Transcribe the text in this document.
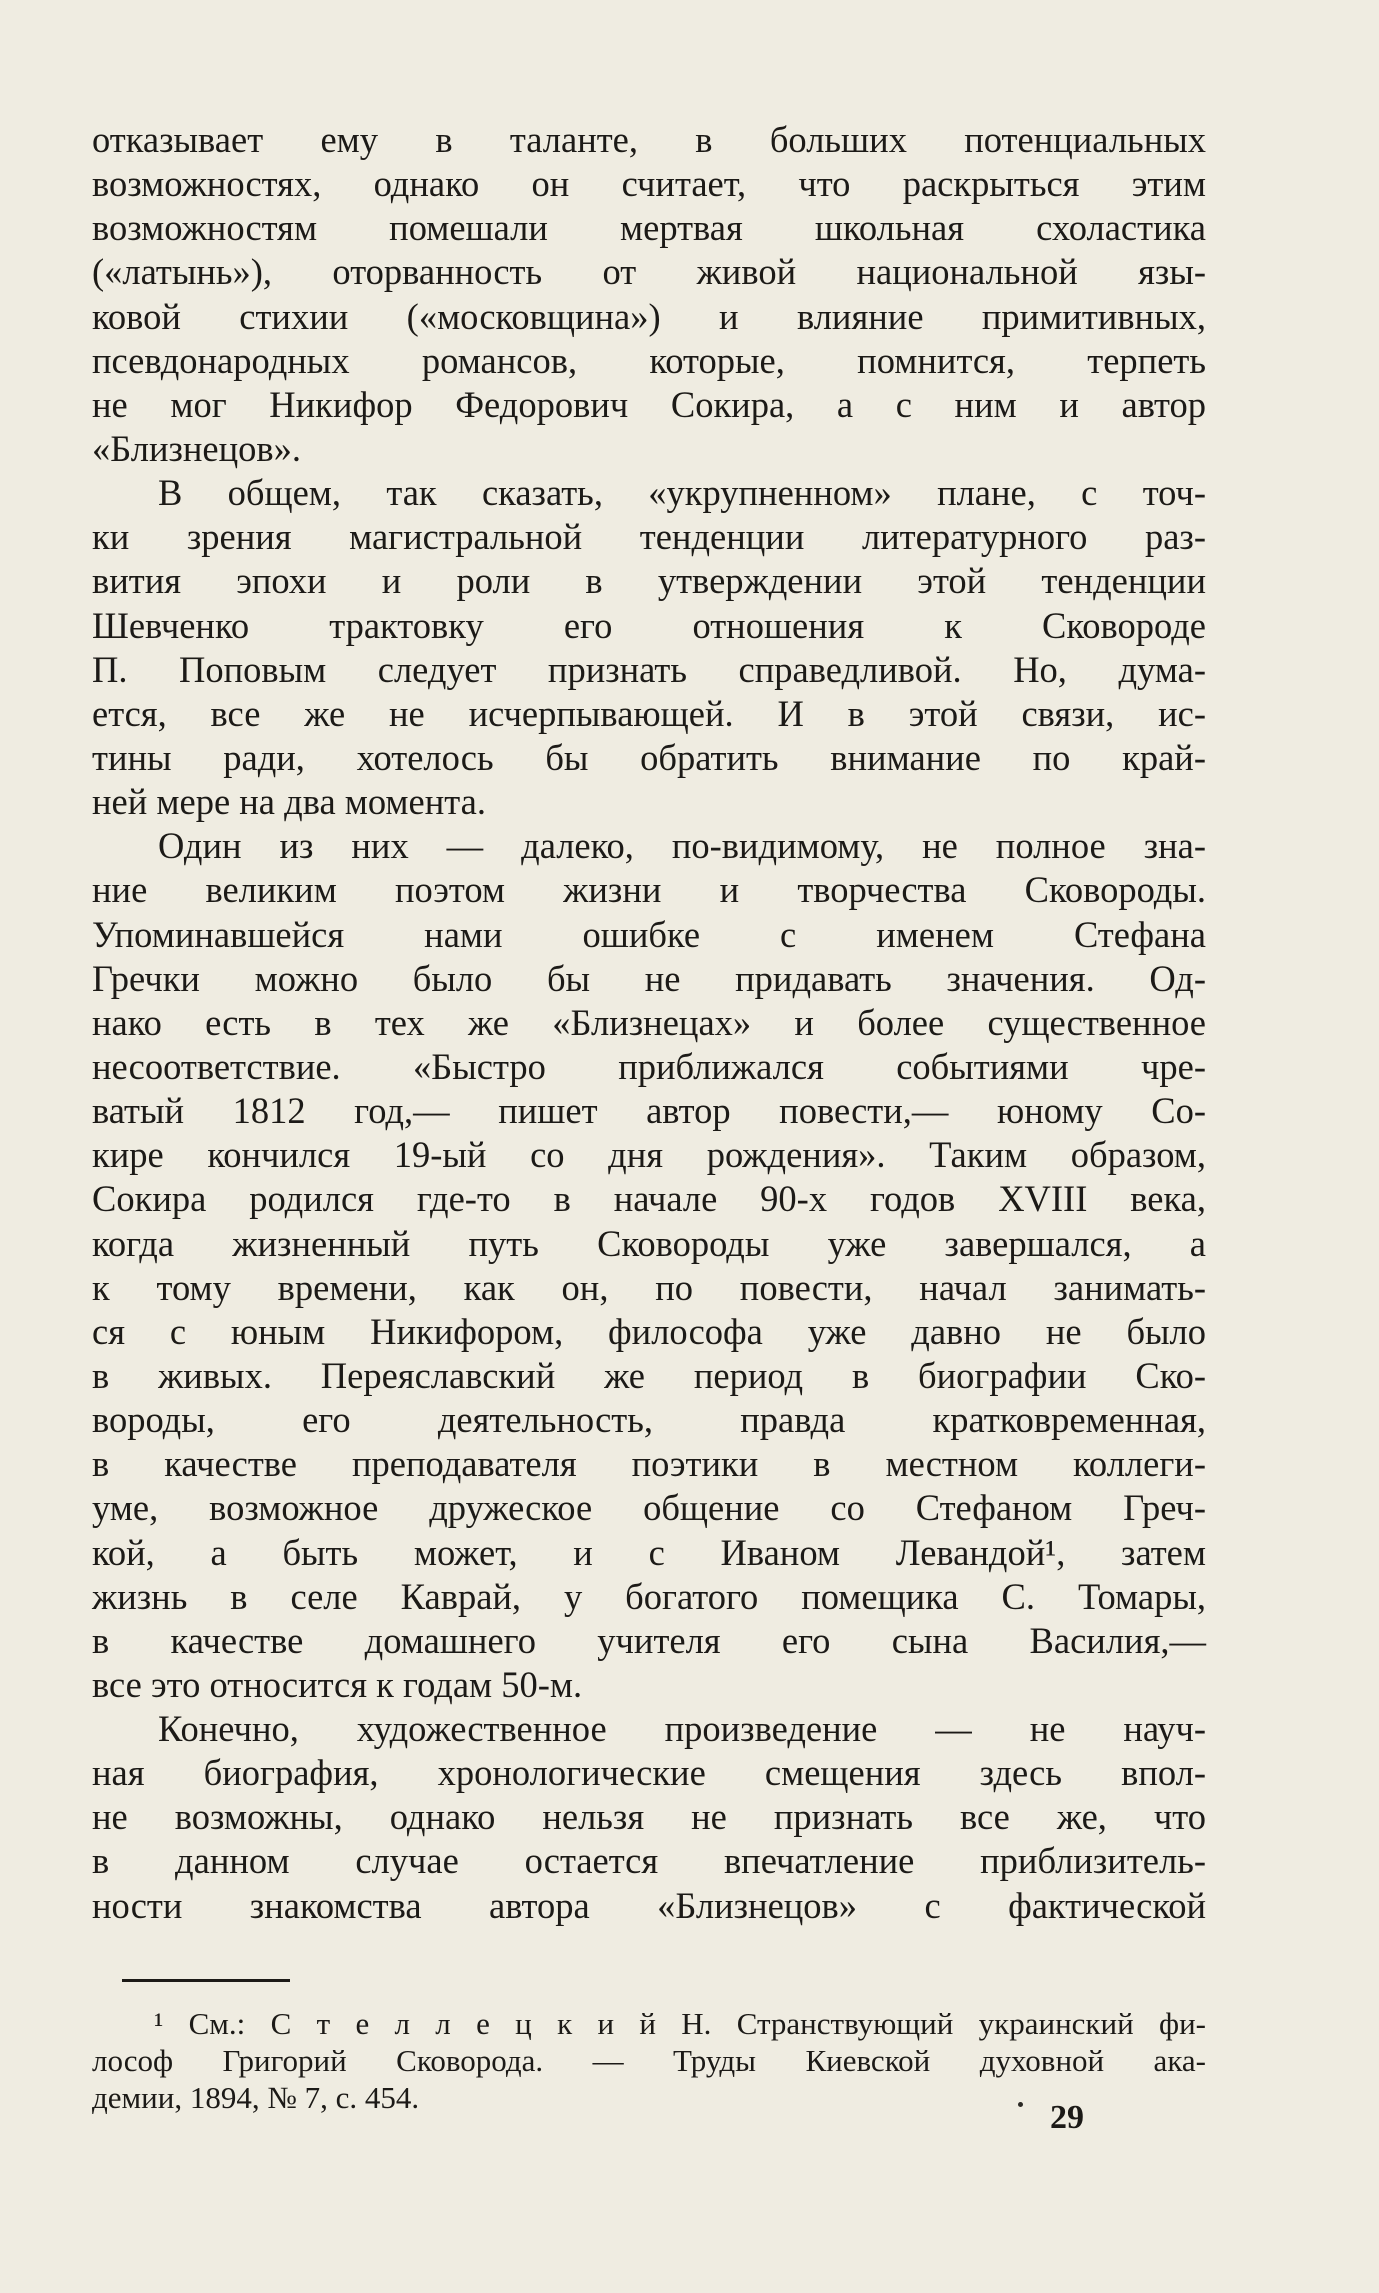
отказывает ему в таланте, в больших потенциальных
возможностях, однако он считает, что раскрыться этим
возможностям помешали мертвая школьная схоластика
(«латынь»), оторванность от живой национальной язы-
ковой стихии («московщина») и влияние примитивных,
псевдонародных романсов, которые, помнится, терпеть
не мог Никифор Федорович Сокира, а с ним и автор
«Близнецов».
В общем, так сказать, «укрупненном» плане, с точ-
ки зрения магистральной тенденции литературного раз-
вития эпохи и роли в утверждении этой тенденции
Шевченко трактовку его отношения к Сковороде
П. Поповым следует признать справедливой. Но, дума-
ется, все же не исчерпывающей. И в этой связи, ис-
тины ради, хотелось бы обратить внимание по край-
ней мере на два момента.
Один из них — далеко, по-видимому, не полное зна-
ние великим поэтом жизни и творчества Сковороды.
Упоминавшейся нами ошибке с именем Стефана
Гречки можно было бы не придавать значения. Од-
нако есть в тех же «Близнецах» и более существенное
несоответствие. «Быстро приближался событиями чре-
ватый 1812 год,— пишет автор повести,— юному Со-
кире кончился 19-ый со дня рождения». Таким образом,
Сокира родился где-то в начале 90-х годов XVIII века,
когда жизненный путь Сковороды уже завершался, а
к тому времени, как он, по повести, начал занимать-
ся с юным Никифором, философа уже давно не было
в живых. Переяславский же период в биографии Ско-
вороды, его деятельность, правда кратковременная,
в качестве преподавателя поэтики в местном коллеги-
уме, возможное дружеское общение со Стефаном Греч-
кой, а быть может, и с Иваном Левандой¹, затем
жизнь в селе Каврай, у богатого помещика С. Томары,
в качестве домашнего учителя его сына Василия,—
все это относится к годам 50-м.
Конечно, художественное произведение — не науч-
ная биография, хронологические смещения здесь впол-
не возможны, однако нельзя не признать все же, что
в данном случае остается впечатление приблизитель-
ности знакомства автора «Близнецов» с фактической
¹ См.: С т е л л е ц к и й Н. Странствующий украинский фи-
лософ Григорий Сковорода. — Труды Киевской духовной ака-
демии, 1894, № 7, с. 454.
29
